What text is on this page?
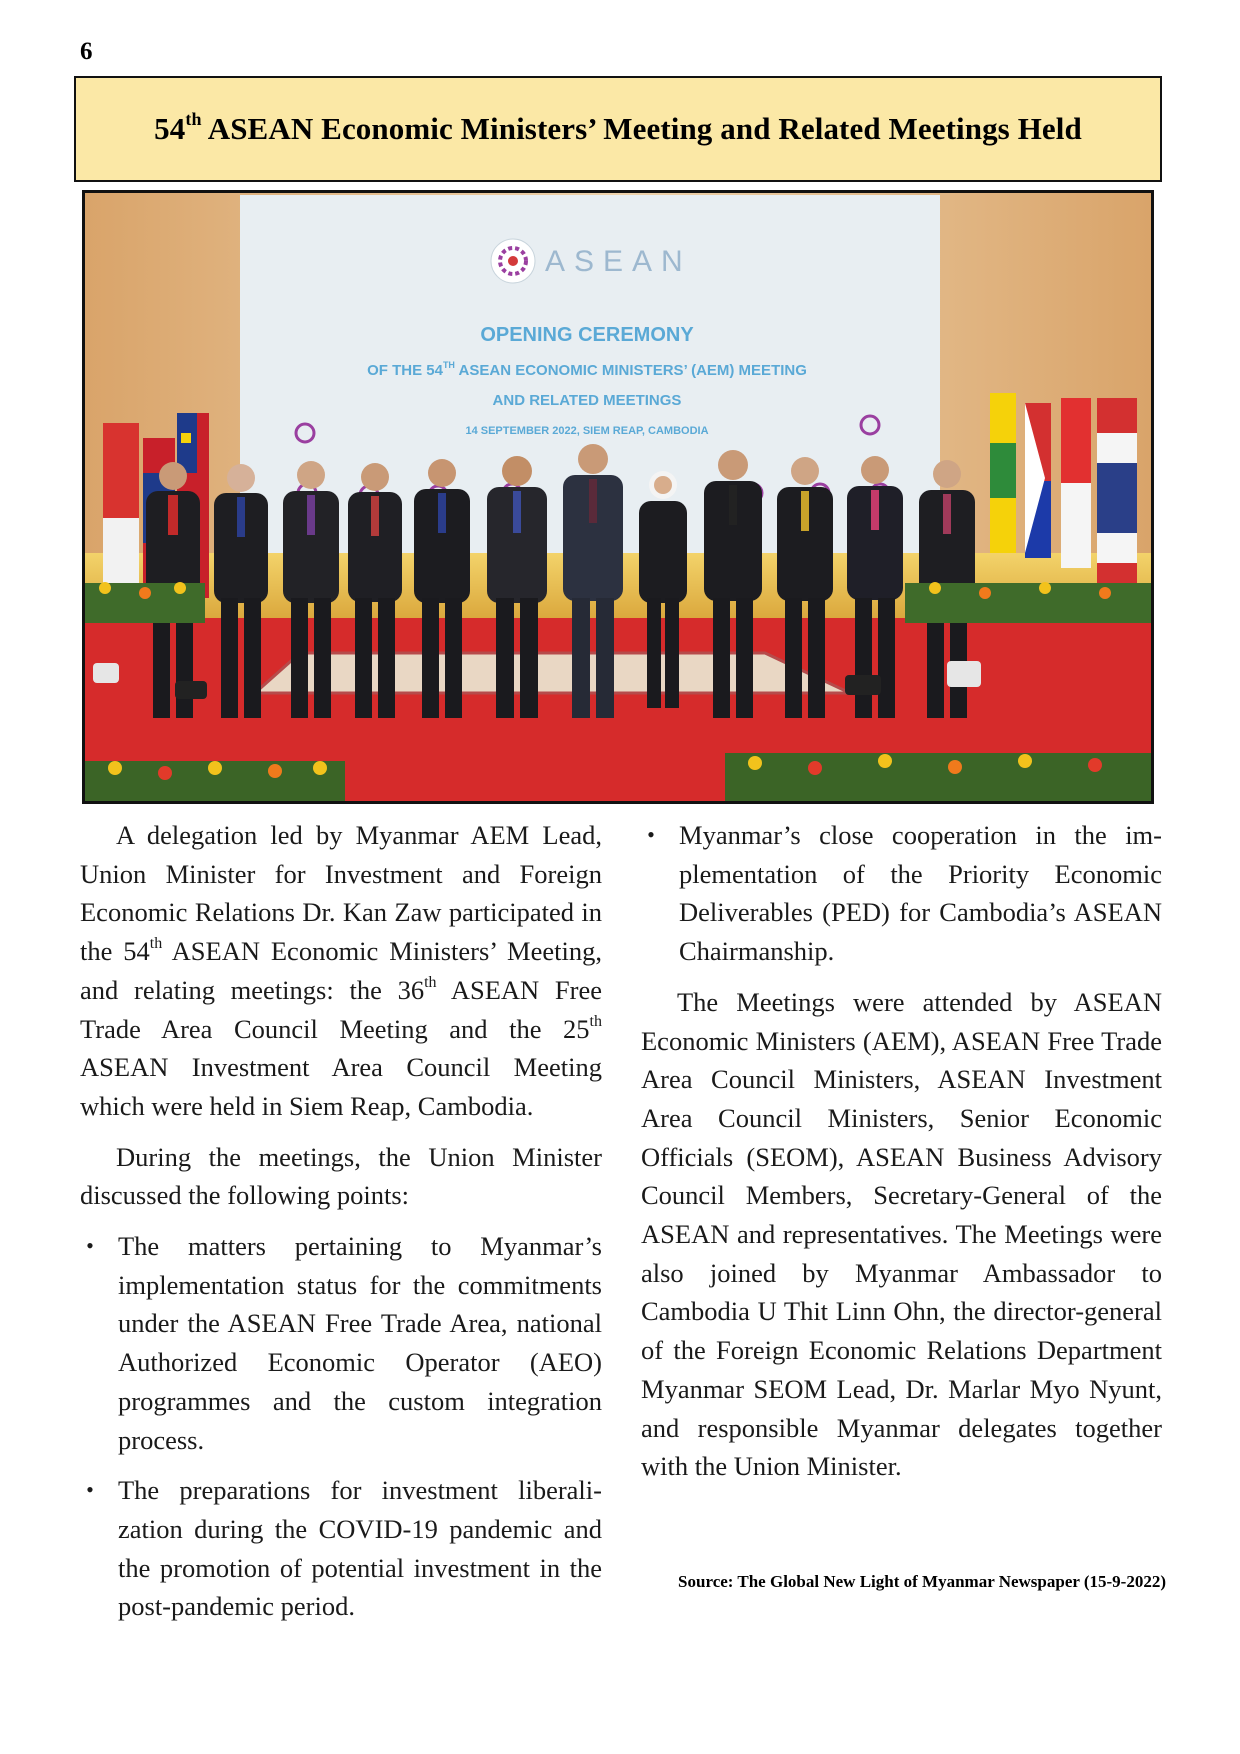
6
54th ASEAN Economic Ministers’ Meeting and Related Meetings Held
ASEAN
OPENING CEREMONY
OF THE 54TH ASEAN ECONOMIC MINISTERS’ (AEM) MEETING
AND RELATED MEETINGS
14 SEPTEMBER 2022, SIEM REAP, CAMBODIA

A delegation led by Myanmar AEM Lead, Union Minister for Investment and Foreign Economic Relations Dr. Kan Zaw participated in the 54th ASEAN Economic Ministers’ Meeting, and relating meetings: the 36th ASEAN Free Trade Area Council Meeting and the 25th ASEAN Investment Area Council Meeting which were held in Siem Reap, Cambodia.

During the meetings, the Union Minister discussed the following points:

• The matters pertaining to Myanmar’s implementation status for the commitments under the ASEAN Free Trade Area, national Authorized Economic Operator (AEO) programmes and the custom integration process.
• The preparations for investment liberalization during the COVID-19 pandemic and the promotion of potential investment in the post-pandemic period.
• Myanmar’s close cooperation in the implementation of the Priority Economic Deliverables (PED) for Cambodia’s ASEAN Chairmanship.

The Meetings were attended by ASEAN Economic Ministers (AEM), ASEAN Free Trade Area Council Ministers, ASEAN Investment Area Council Ministers, Senior Economic Officials (SEOM), ASEAN Business Advisory Council Members, Secretary-General of the ASEAN and representatives. The Meetings were also joined by Myanmar Ambassador to Cambodia U Thit Linn Ohn, the director-general of the Foreign Economic Relations Department Myanmar SEOM Lead, Dr. Marlar Myo Nyunt, and responsible Myanmar delegates together with the Union Minister.

Source: The Global New Light of Myanmar Newspaper (15-9-2022)
